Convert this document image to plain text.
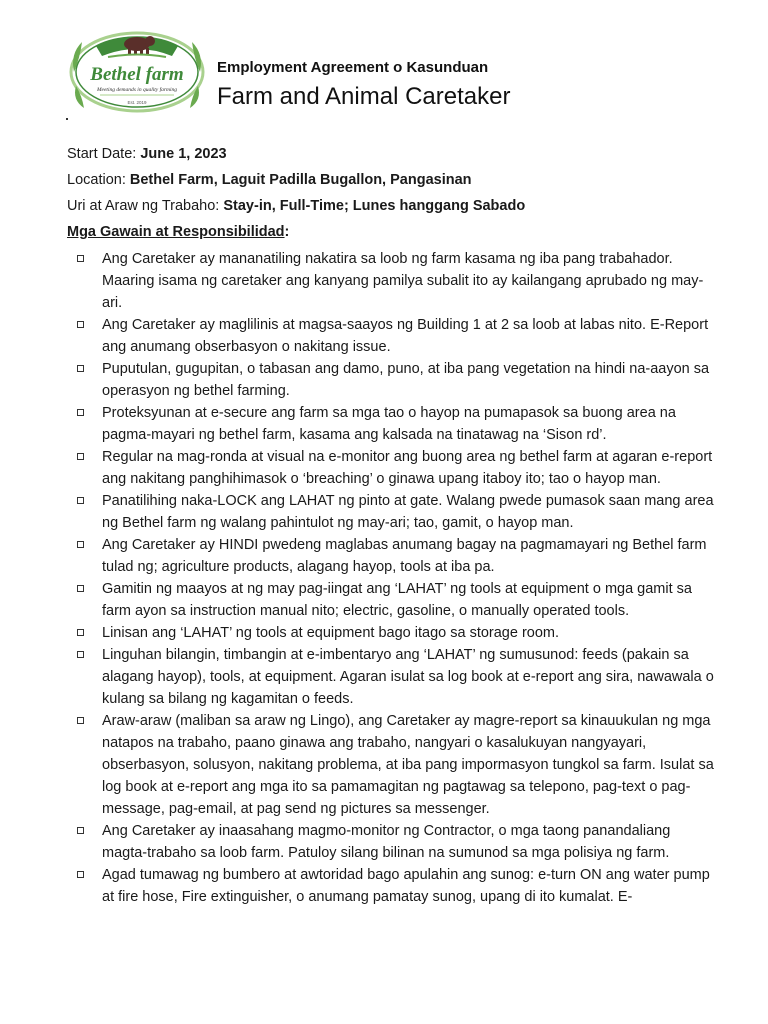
Bethel farm
Meeting demands in quality farming
Est. 2019
Employment Agreement o Kasunduan
Farm and Animal Caretaker
Start Date: June 1, 2023
Location: Bethel Farm, Laguit Padilla Bugallon, Pangasinan
Uri at Araw ng Trabaho: Stay-in, Full-Time; Lunes hanggang Sabado
Mga Gawain at Responsibilidad:
Ang Caretaker ay mananatiling nakatira sa loob ng farm kasama ng iba pang trabahador. Maaring isama ng caretaker ang kanyang pamilya subalit ito ay kailangang aprubado ng may-ari.
Ang Caretaker ay maglilinis at magsa-saayos ng Building 1 at 2 sa loob at labas nito. E-Report ang anumang obserbasyon o nakitang issue.
Puputulan, gugupitan, o tabasan ang damo, puno, at iba pang vegetation na hindi na-aayon sa operasyon ng bethel farming.
Proteksyunan at e-secure ang farm sa mga tao o hayop na pumapasok sa buong area na pagma-mayari ng bethel farm, kasama ang kalsada na tinatawag na ‘Sison rd’.
Regular na mag-ronda at visual na e-monitor ang buong area ng bethel farm at agaran e-report ang nakitang panghihimasok o ‘breaching’ o ginawa upang itaboy ito; tao o hayop man.
Panatilihing naka-LOCK ang LAHAT ng pinto at gate. Walang pwede pumasok saan mang area ng Bethel farm ng walang pahintulot ng may-ari; tao, gamit, o hayop man.
Ang Caretaker ay HINDI pwedeng maglabas anumang bagay na pagmamayari ng Bethel farm tulad ng; agriculture products, alagang hayop, tools at iba pa.
Gamitin ng maayos at ng may pag-iingat ang ‘LAHAT’ ng tools at equipment o mga gamit sa farm ayon sa instruction manual nito; electric, gasoline, o manually operated tools.
Linisan ang ‘LAHAT’ ng tools at equipment bago itago sa storage room.
Linguhan bilangin, timbangin at e-imbentaryo ang ‘LAHAT’ ng sumusunod: feeds (pakain sa alagang hayop), tools, at equipment. Agaran isulat sa log book at e-report ang sira, nawawala o kulang sa bilang ng kagamitan o feeds.
Araw-araw (maliban sa araw ng Lingo), ang Caretaker ay magre-report sa kinauukulan ng mga natapos na trabaho, paano ginawa ang trabaho, nangyari o kasalukuyan nangyayari, obserbasyon, solusyon, nakitang problema, at iba pang impormasyon tungkol sa farm. Isulat sa log book at e-report ang mga ito sa pamamagitan ng pagtawag sa telepono, pag-text o pag-message, pag-email, at pag send ng pictures sa messenger.
Ang Caretaker ay inaasahang magmo-monitor ng Contractor, o mga taong panandaliang magta-trabaho sa loob farm. Patuloy silang bilinan na sumunod sa mga polisiya ng farm.
Agad tumawag ng bumbero at awtoridad bago apulahin ang sunog: e-turn ON ang water pump at fire hose, Fire extinguisher, o anumang pamatay sunog, upang di ito kumalat. E-
